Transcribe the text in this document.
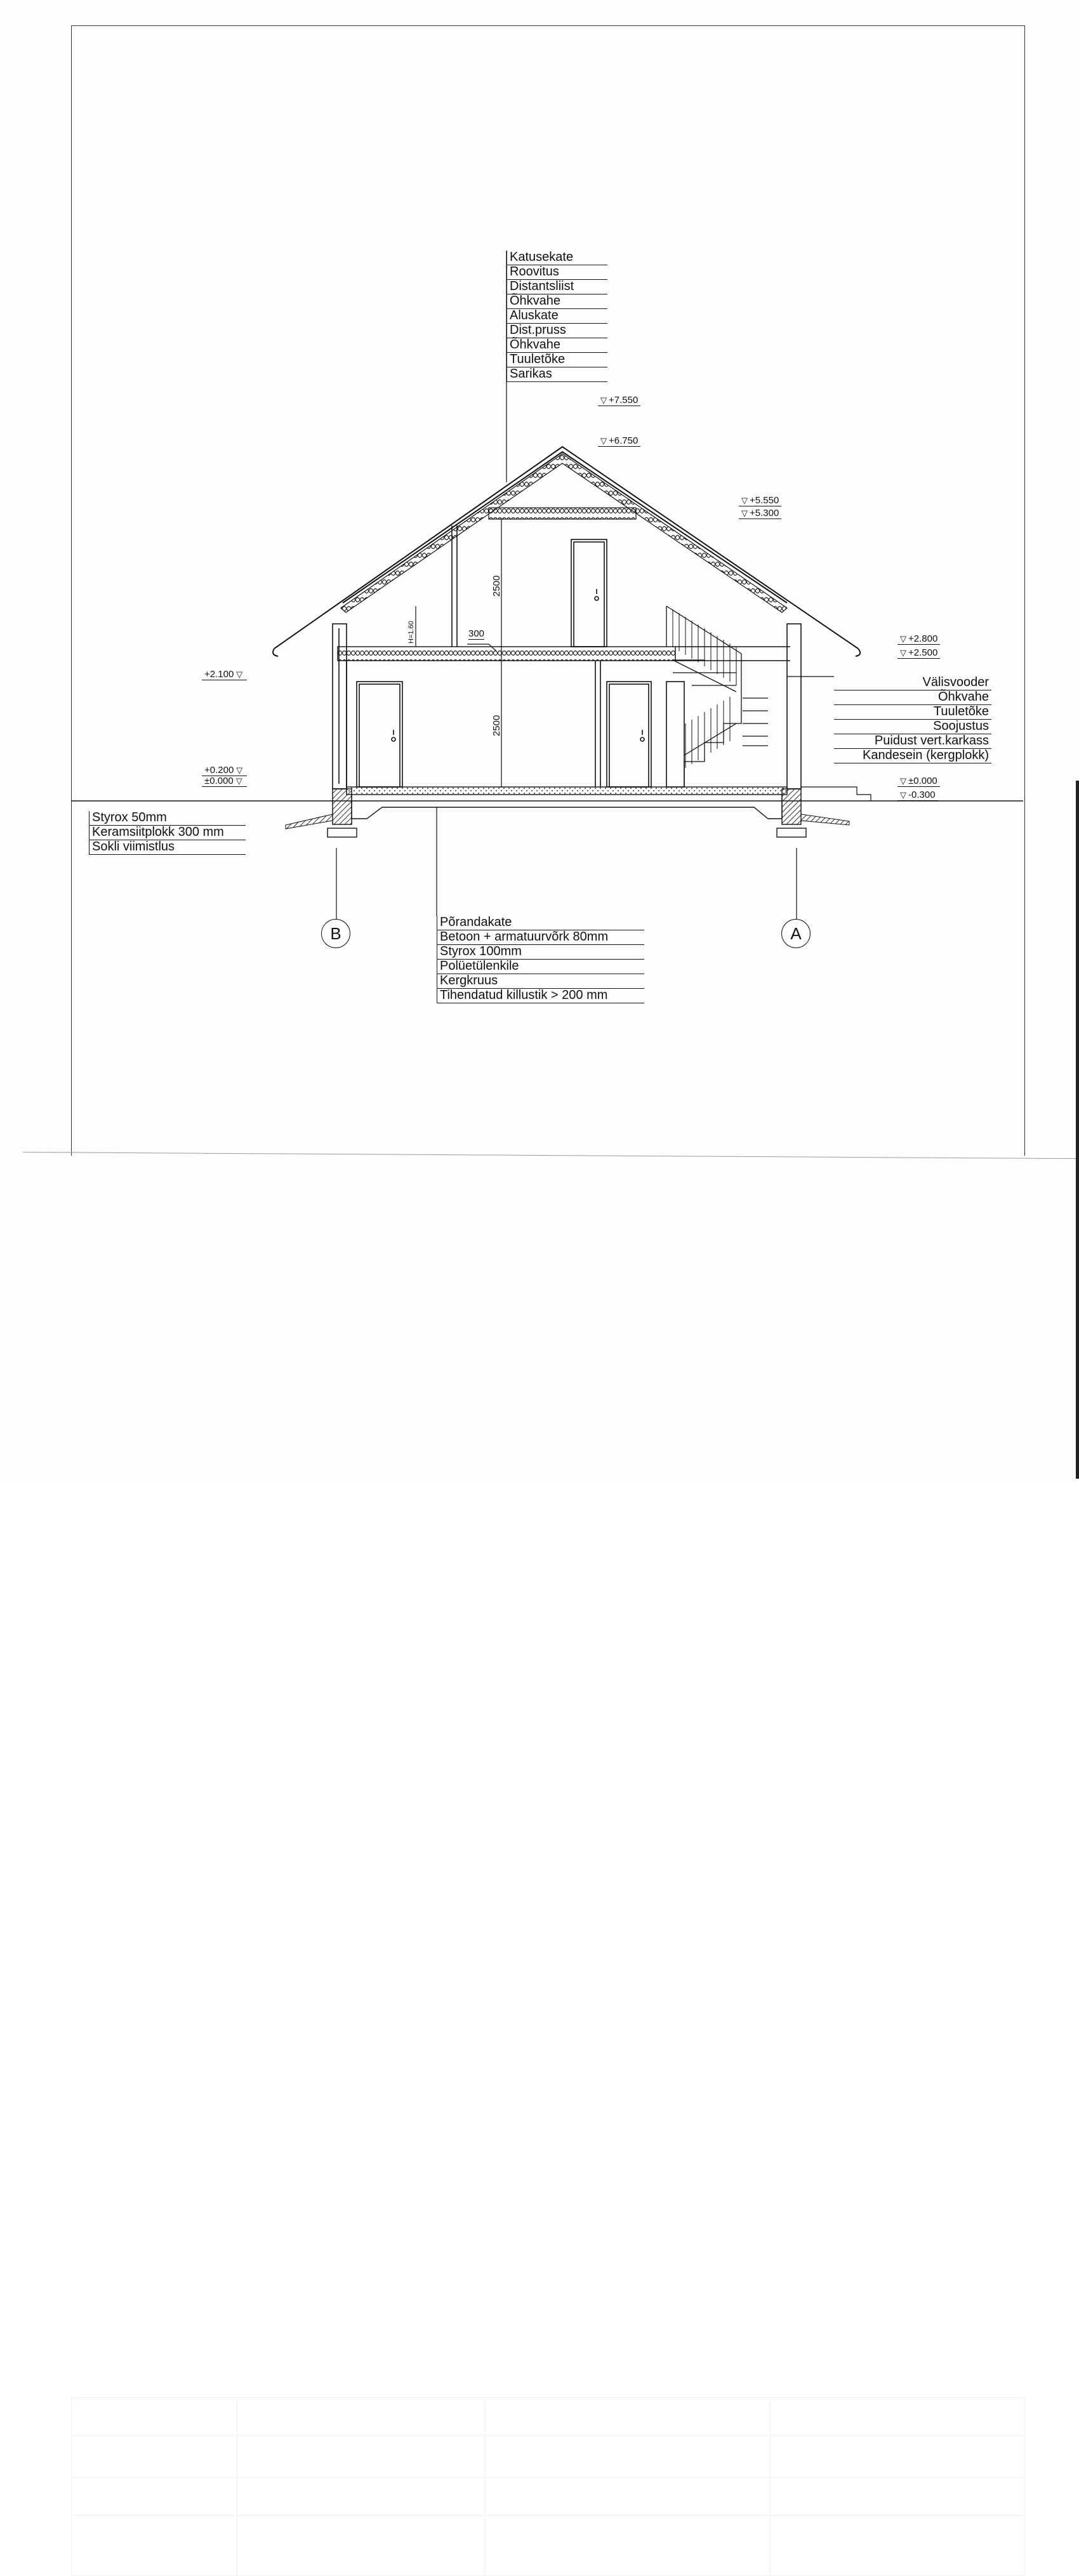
Katusekate
Roovitus
Distantsliist
Õhkvahe
Aluskate
Dist.pruss
Õhkvahe
Tuuletõke
Sarikas
Välisvooder
Õhkvahe
Tuuletõke
Soojustus
Puidust vert.karkass
Kandesein (kergplokk)
Styrox 50mm
Keramsiitplokk 300 mm
Sokli viimistlus
Põrandakate
Betoon + armatuurvõrk 80mm
Styrox 100mm
Polüetülenkile
Kergkruus
Tihendatud killustik > 200 mm
▽ +7.550
▽ +6.750
▽ +5.550
▽ +5.300
▽ +2.800
▽ +2.500
+2.100 ▽
+0.200 ▽
±0.000 ▽	▽ ±0.000
▽ -0.300
2500
2500
300
H=1.60
B	A
